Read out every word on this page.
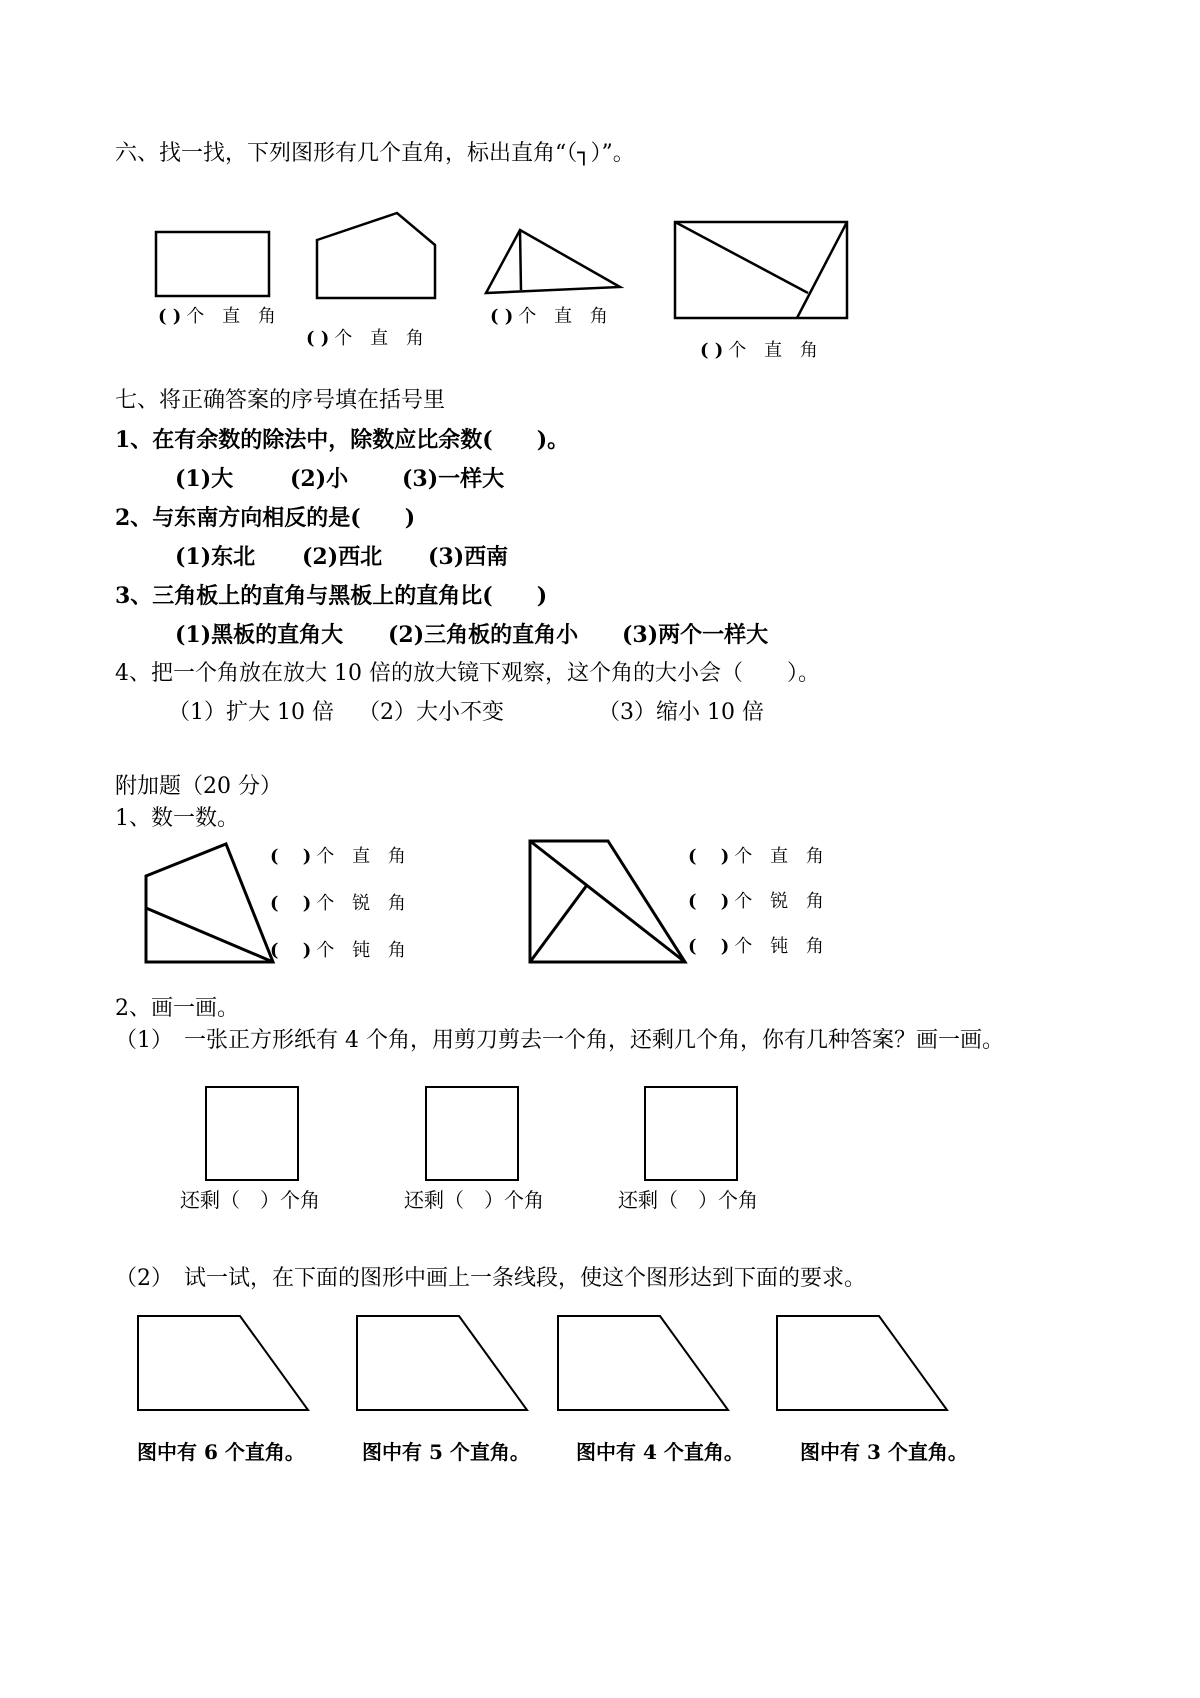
六、找一找，下列图形有几个直角，标出直角“（┐）”。
( ) 个 直 角
( ) 个 直 角
( ) 个 直 角
( ) 个 直 角
七、将正确答案的序号填在括号里
1、在有余数的除法中，除数应比余数(　　)。
(1)大	(2)小 (3)一样大
2、与东南方向相反的是(　　)
(1)东北 (2)西北 (3)西南
3、三角板上的直角与黑板上的直角比(　　)
(1)黑板的直角大 (2)三角板的直角小 (3)两个一样大
4、把一个角放在放大 10 倍的放大镜下观察，这个角的大小会（　　）。
（1）扩大 10 倍 （2）大小不变	（3）缩小 10 倍
附加题（20 分）
1、数一数。
(　 ) 个 直 角
(　 ) 个 锐 角
(　 ) 个 钝 角
(　 ) 个 直 角
(　 ) 个 锐 角
(　 ) 个 钝 角
2、画一画。
（1）　一张正方形纸有 4 个角，用剪刀剪去一个角，还剩几个角，你有几种答案？画一画。
还剩（　）个角	还剩（　）个角	还剩（　）个角
（2）　试一试，在下面的图形中画上一条线段，使这个图形达到下面的要求。
图中有 6 个直角。	图中有 5 个直角。 图中有 4 个直角。	图中有 3 个直角。
